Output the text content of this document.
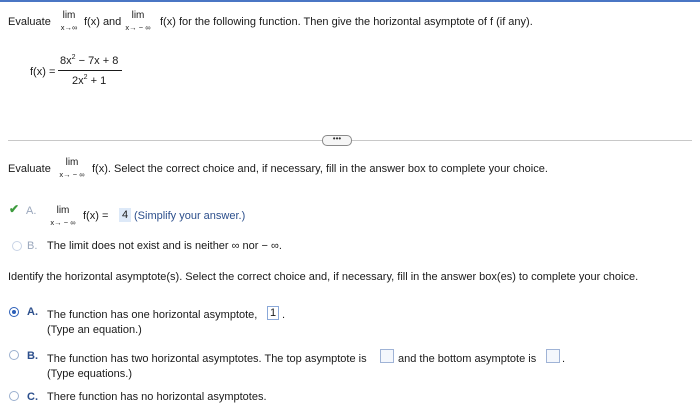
Evaluate
lim
x→∞ f(x) and
lim
x→ − ∞ f(x) for the following function. Then give the horizontal asymptote of f (if any).
f(x) =
$8x^2 - 7x + 8$
$2x^2 + 1$
•••
Evaluate
lim
x→ − ∞ f(x). Select the correct choice and, if necessary, fill in the answer box to complete your choice.
✔ A.	lim
x→ − ∞
f(x) = 4 (Simplify your answer.)
B. The limit does not exist and is neither ∞ nor − ∞.
Identify the horizontal asymptote(s). Select the correct choice and, if necessary, fill in the answer box(es) to complete your choice.
A. The function has one horizontal asymptote, 1 .
(Type an equation.)
B. The function has two horizontal asymptotes. The top asymptote is	and the bottom asymptote is .
(Type equations.)
C. There function has no horizontal asymptotes.
